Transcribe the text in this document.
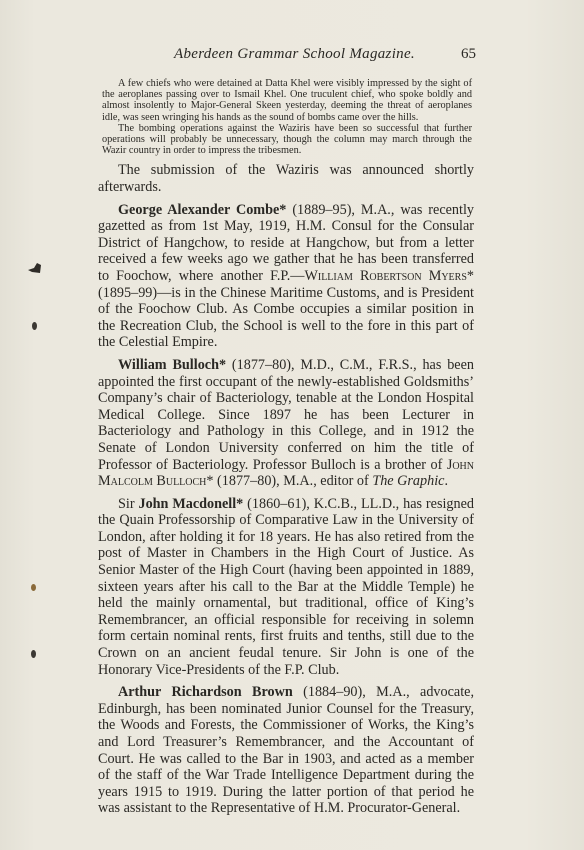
Aberdeen Grammar School Magazine.	65

A few chiefs who were detained at Datta Khel were visibly impressed by the sight of the aeroplanes passing over to Ismail Khel. One truculent chief, who spoke boldly and almost insolently to Major-General Skeen yesterday, deeming the threat of aeroplanes idle, was seen wringing his hands as the sound of bombs came over the hills.

The bombing operations against the Waziris have been so successful that further operations will probably be unnecessary, though the column may march through the Wazir country in order to impress the tribesmen.

The submission of the Waziris was announced shortly afterwards.

George Alexander Combe* (1889–95), M.A., was recently gazetted as from 1st May, 1919, H.M. Consul for the Consular District of Hangchow, to reside at Hangchow, but from a letter received a few weeks ago we gather that he has been transferred to Foochow, where another F.P.—William Robertson Myers* (1895–99)—is in the Chinese Maritime Customs, and is President of the Foochow Club. As Combe occupies a similar position in the Recreation Club, the School is well to the fore in this part of the Celestial Empire.

William Bulloch* (1877–80), M.D., C.M., F.R.S., has been appointed the first occupant of the newly-established Goldsmiths’ Company’s chair of Bacteriology, tenable at the London Hospital Medical College. Since 1897 he has been Lecturer in Bacteriology and Pathology in this College, and in 1912 the Senate of London University conferred on him the title of Professor of Bacteriology. Professor Bulloch is a brother of John Malcolm Bulloch* (1877–80), M.A., editor of The Graphic.

Sir John Macdonell* (1860–61), K.C.B., LL.D., has resigned the Quain Professorship of Comparative Law in the University of London, after holding it for 18 years. He has also retired from the post of Master in Chambers in the High Court of Justice. As Senior Master of the High Court (having been appointed in 1889, sixteen years after his call to the Bar at the Middle Temple) he held the mainly ornamental, but traditional, office of King’s Remembrancer, an official responsible for receiving in solemn form certain nominal rents, first fruits and tenths, still due to the Crown on an ancient feudal tenure. Sir John is one of the Honorary Vice-Presidents of the F.P. Club.

Arthur Richardson Brown (1884–90), M.A., advocate, Edinburgh, has been nominated Junior Counsel for the Treasury, the Woods and Forests, the Commissioner of Works, the King’s and Lord Treasurer’s Remembrancer, and the Accountant of Court. He was called to the Bar in 1903, and acted as a member of the staff of the War Trade Intelligence Department during the years 1915 to 1919. During the latter portion of that period he was assistant to the Representative of H.M. Procurator-General.
